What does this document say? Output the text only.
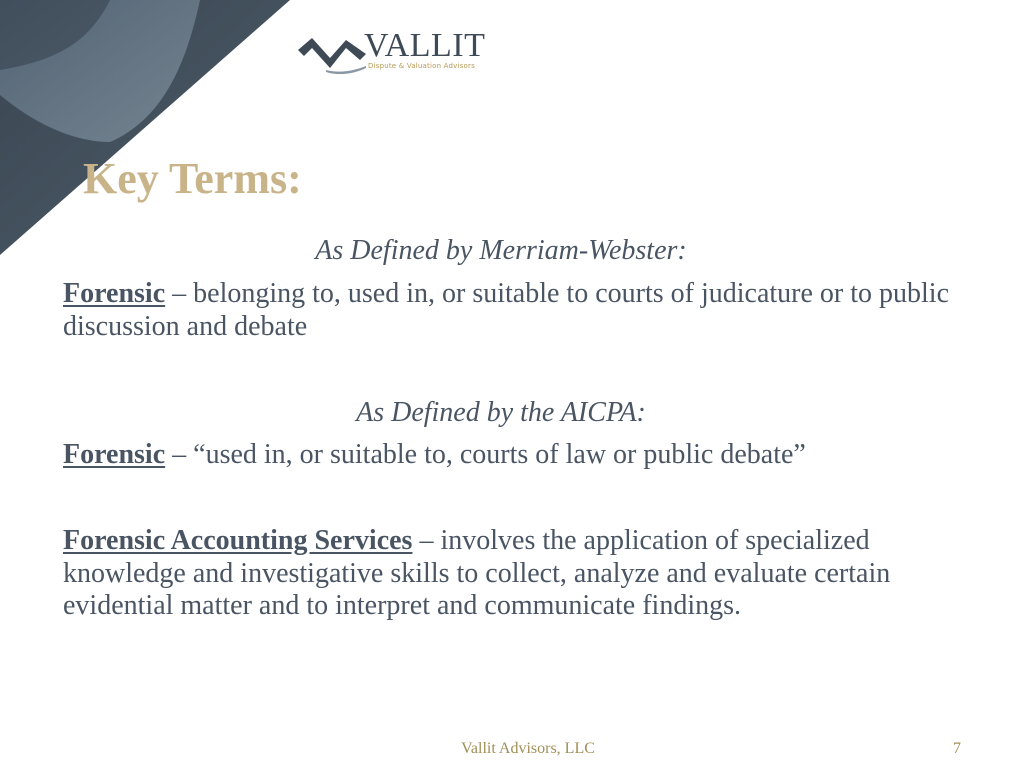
VALLIT
Dispute & Valuation Advisors
Key Terms:
As Defined by Merriam-Webster:

Forensic – belonging to, used in, or suitable to courts of judicature or to public discussion and debate

As Defined by the AICPA:

Forensic – “used in, or suitable to, courts of law or public debate”

Forensic Accounting Services – involves the application of specialized knowledge and investigative skills to collect, analyze and evaluate certain evidential matter and to interpret and communicate findings.

Vallit Advisors, LLC	7
